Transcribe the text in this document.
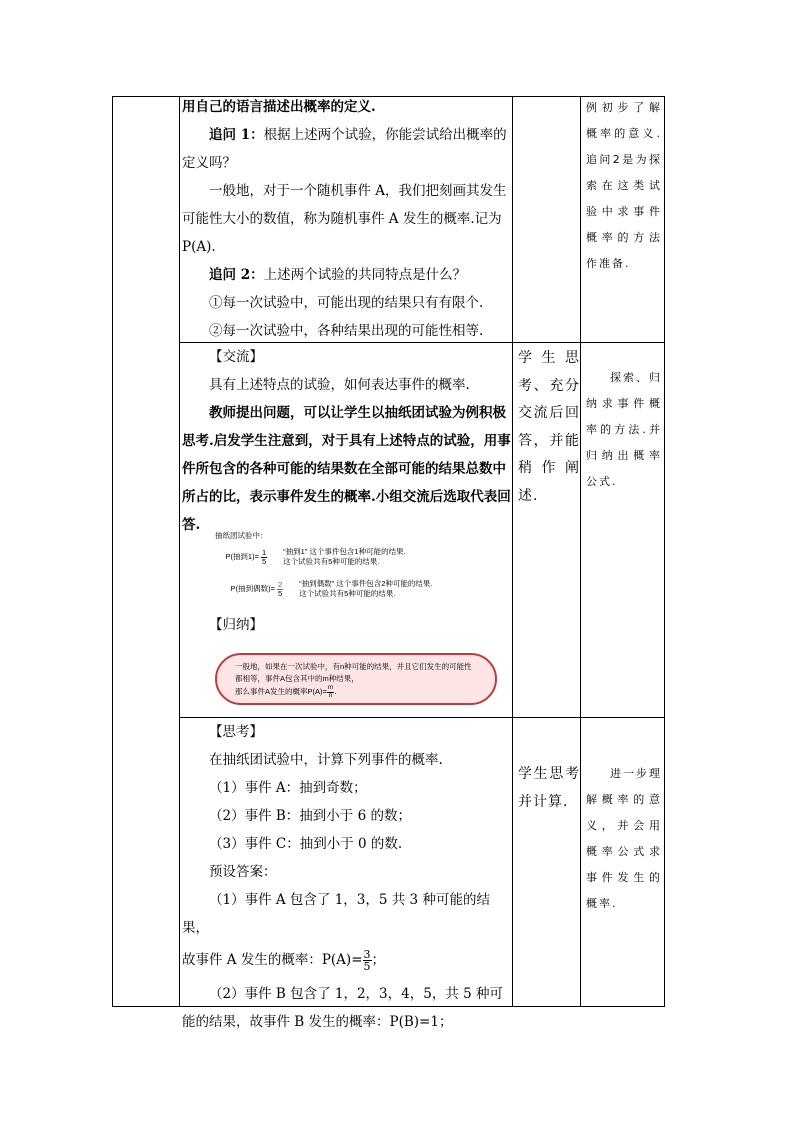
用自己的语言描述出概率的定义.

追问 1：根据上述两个试验，你能尝试给出概率的定义吗？

一般地，对于一个随机事件 A，我们把刻画其发生可能性大小的数值，称为随机事件 A 发生的概率.记为 P(A).

追问 2：上述两个试验的共同特点是什么？

①每一次试验中，可能出现的结果只有有限个.

②每一次试验中，各种结果出现的可能性相等.

例初步了解概率的意义.追问2是为探索在这类试验中求事件概率的方法作准备.

【交流】

具有上述特点的试验，如何表达事件的概率.

教师提出问题，可以让学生以抽纸团试验为例积极思考.启发学生注意到，对于具有上述特点的试验，用事件所包含的各种可能的结果数在全部可能的结果总数中所占的比，表示事件发生的概率.小组交流后选取代表回答.

抽纸团试验中：
P(抽到$1)= \frac{1}{5}$	“抽到1” 这个事件包含1种可能的结果.
这个试验共有5种可能的结果.
P(抽到偶数)= $\frac{2}{5}$	“抽到偶数” 这个事件包含2种可能的结果.
这个试验共有5种可能的结果.

【归纳】

一般地，如果在一次试验中，有n种可能的结果，并且它们发生的可能性都相等，事件A包含其中的m种结果，
那么事件A发生的概率$P(A)= \frac{m}{n}$ .

学生思考、充分交流后回答，并能稍作阐述.

探索、归纳求事件概率的方法.并归纳出概率公式.

【思考】

在抽纸团试验中，计算下列事件的概率.

（1）事件 A：抽到奇数；

（2）事件 B：抽到小于 6 的数；

（3）事件 C：抽到小于 0 的数.

预设答案：

（1）事件 A 包含了 1，3，5 共 3 种可能的结果，

故事件 A 发生的概率：$P(A)= \frac{3}{5}$ ；

（2）事件 B 包含了 1，2，3，4，5，共 5 种可

能的结果，故事件 B 发生的概率：P(B)=1；

学生思考并计算.

进一步理解概率的意义，并会用概率公式求事件发生的概率.
